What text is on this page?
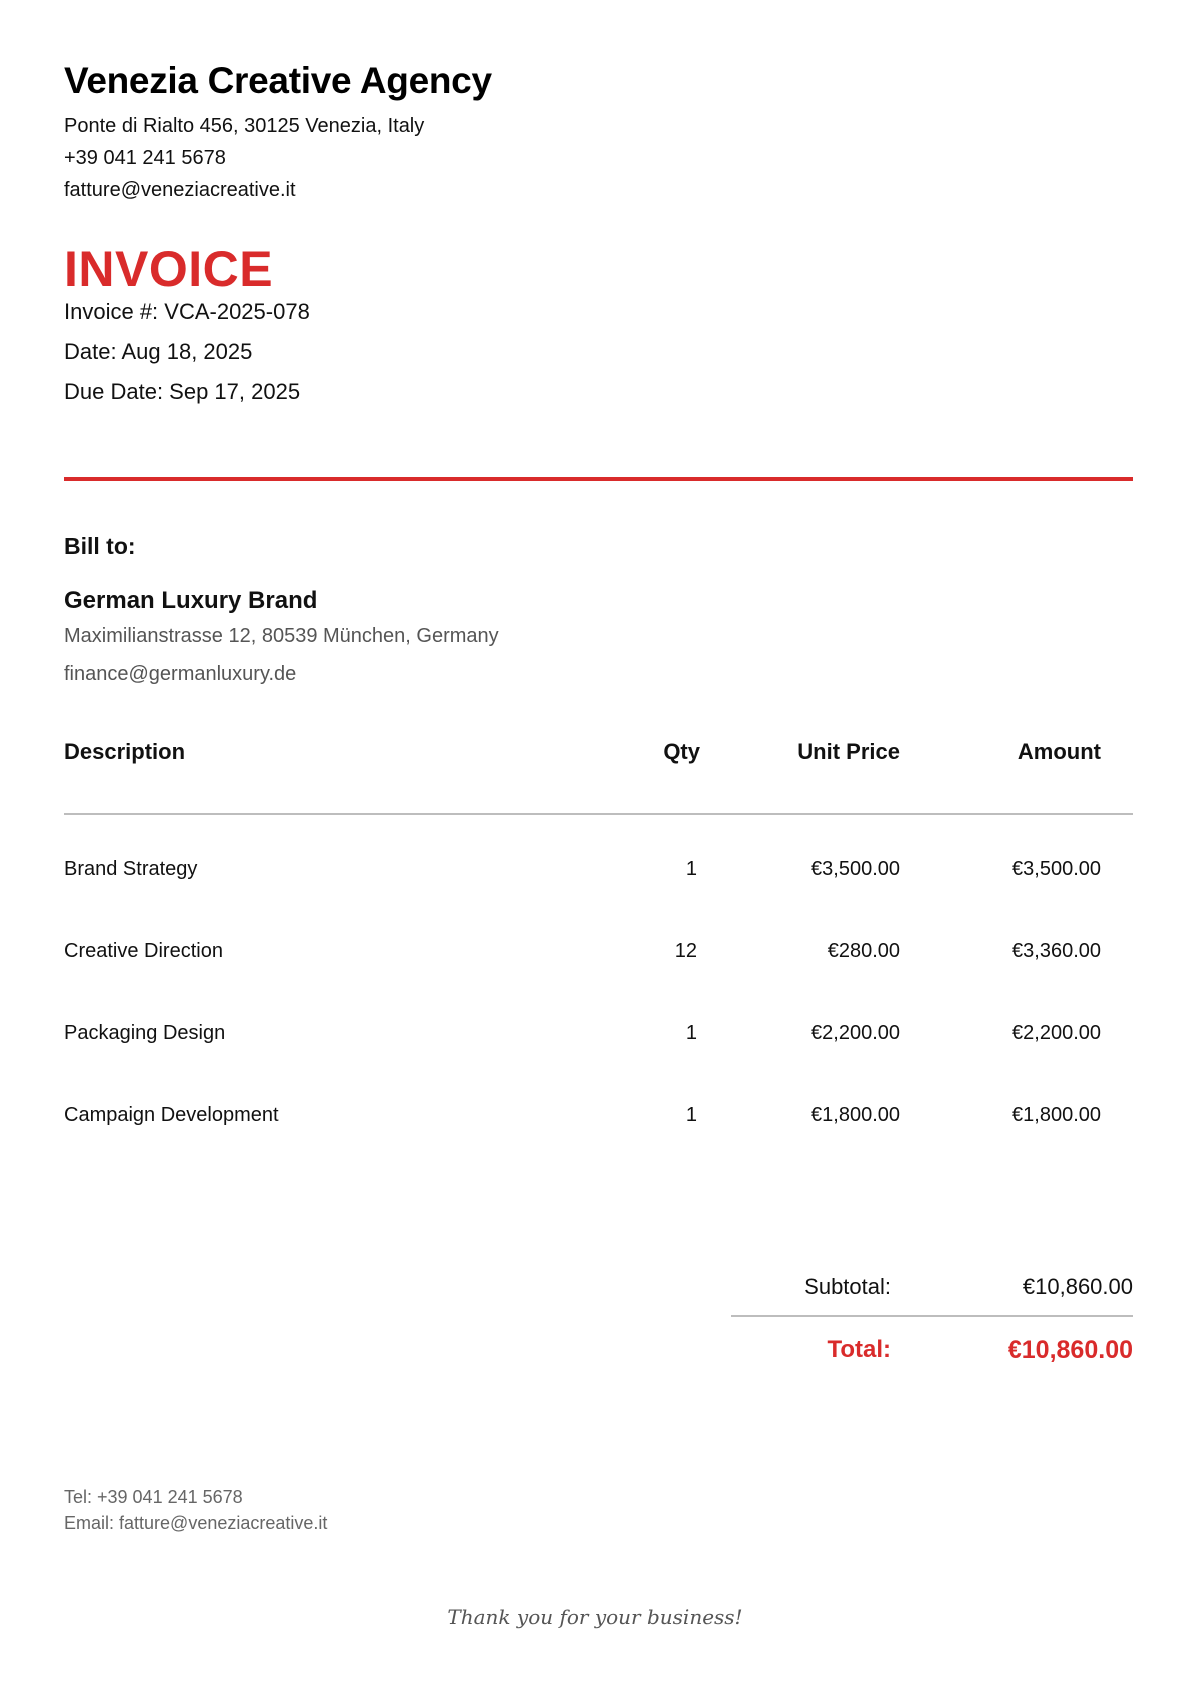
Venezia Creative Agency
Ponte di Rialto 456, 30125 Venezia, Italy
+39 041 241 5678
fatture@veneziacreative.it
INVOICE
Invoice #: VCA-2025-078
Date: Aug 18, 2025
Due Date: Sep 17, 2025
Bill to:
German Luxury Brand
Maximilianstrasse 12, 80539 München, Germany
finance@germanluxury.de
Description	Qty	Unit Price	Amount
Brand Strategy	1	€3,500.00	€3,500.00
Creative Direction	12	€280.00	€3,360.00
Packaging Design	1	€2,200.00	€2,200.00
Campaign Development	1	€1,800.00	€1,800.00
Subtotal:	€10,860.00
Total:	€10,860.00
Tel: +39 041 241 5678
Email: fatture@veneziacreative.it
Thank you for your business!
